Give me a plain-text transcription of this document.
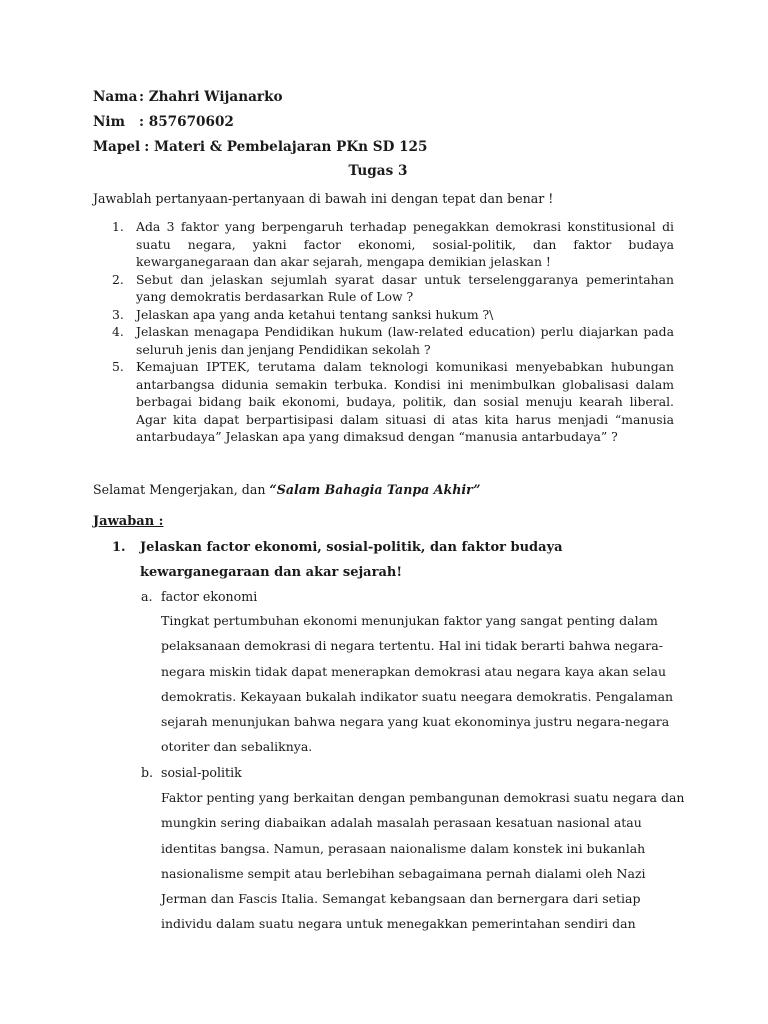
Nama : Zhahri Wijanarko
Nim : 857670602
Mapel : Materi & Pembelajaran PKn SD 125
Tugas 3
Jawablah pertanyaan-pertanyaan di bawah ini dengan tepat dan benar !
1. Ada 3 faktor yang berpengaruh terhadap penegakkan demokrasi konstitusional di suatu negara, yakni factor ekonomi, sosial-politik, dan faktor budaya kewarganegaraan dan akar sejarah, mengapa demikian jelaskan !
2. Sebut dan jelaskan sejumlah syarat dasar untuk terselenggaranya pemerintahan yang demokratis berdasarkan Rule of Low ?
3. Jelaskan apa yang anda ketahui tentang sanksi hukum ?\
4. Jelaskan menagapa Pendidikan hukum (law-related education) perlu diajarkan pada seluruh jenis dan jenjang Pendidikan sekolah ?
5. Kemajuan IPTEK, terutama dalam teknologi komunikasi menyebabkan hubungan antarbangsa didunia semakin terbuka. Kondisi ini menimbulkan globalisasi dalam berbagai bidang baik ekonomi, budaya, politik, dan sosial menuju kearah liberal. Agar kita dapat berpartisipasi dalam situasi di atas kita harus menjadi “manusia antarbudaya” Jelaskan apa yang dimaksud dengan “manusia antarbudaya” ?
Selamat Mengerjakan, dan “Salam Bahagia Tanpa Akhir”
Jawaban :
1.	Jelaskan factor ekonomi, sosial-politik, dan faktor budaya kewarganegaraan dan akar sejarah!
a. factor ekonomi
Tingkat pertumbuhan ekonomi menunjukan faktor yang sangat penting dalam
pelaksanaan demokrasi di negara tertentu. Hal ini tidak berarti bahwa negara-
negara miskin tidak dapat menerapkan demokrasi atau negara kaya akan selau
demokratis. Kekayaan bukalah indikator suatu neegara demokratis. Pengalaman
sejarah menunjukan bahwa negara yang kuat ekonominya justru negara-negara
otoriter dan sebaliknya.
b. sosial-politik
Faktor penting yang berkaitan dengan pembangunan demokrasi suatu negara dan
mungkin sering diabaikan adalah masalah perasaan kesatuan nasional atau
identitas bangsa. Namun, perasaan naionalisme dalam konstek ini bukanlah
nasionalisme sempit atau berlebihan sebagaimana pernah dialami oleh Nazi
Jerman dan Fascis Italia. Semangat kebangsaan dan bernergara dari setiap
individu dalam suatu negara untuk menegakkan pemerintahan sendiri dan
